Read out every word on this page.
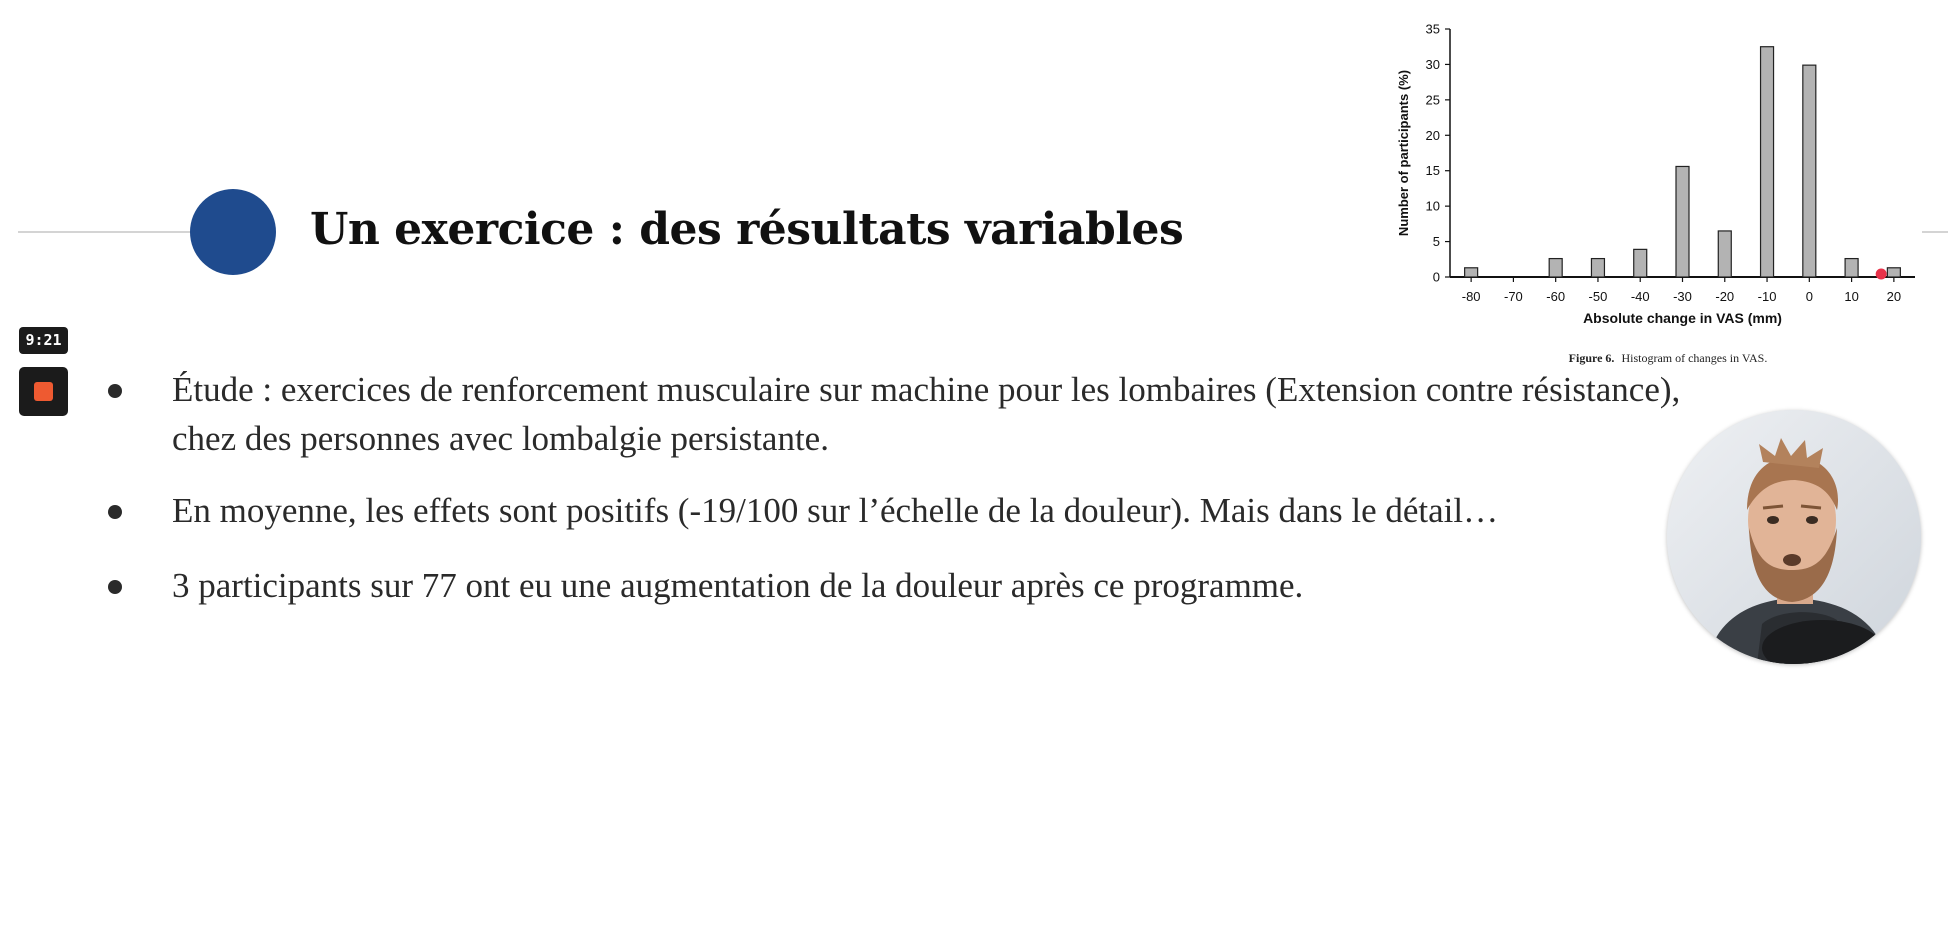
Un exercice : des résultats variables
9:21
Étude : exercices de renforcement musculaire sur machine pour les lombaires (Extension contre résistance), chez des personnes avec lombalgie persistante.
En moyenne, les effets sont positifs (-19/100 sur l’échelle de la douleur). Mais dans le détail…
3 participants sur 77 ont eu une augmentation de la douleur après ce programme.
0
5
10
15
20
25
30
35
-80 -70 -60 -50 -40 -30 -20 -10 0 10 20
Number of participants (%)
Absolute change in VAS (mm)
Figure 6. Histogram of changes in VAS.
